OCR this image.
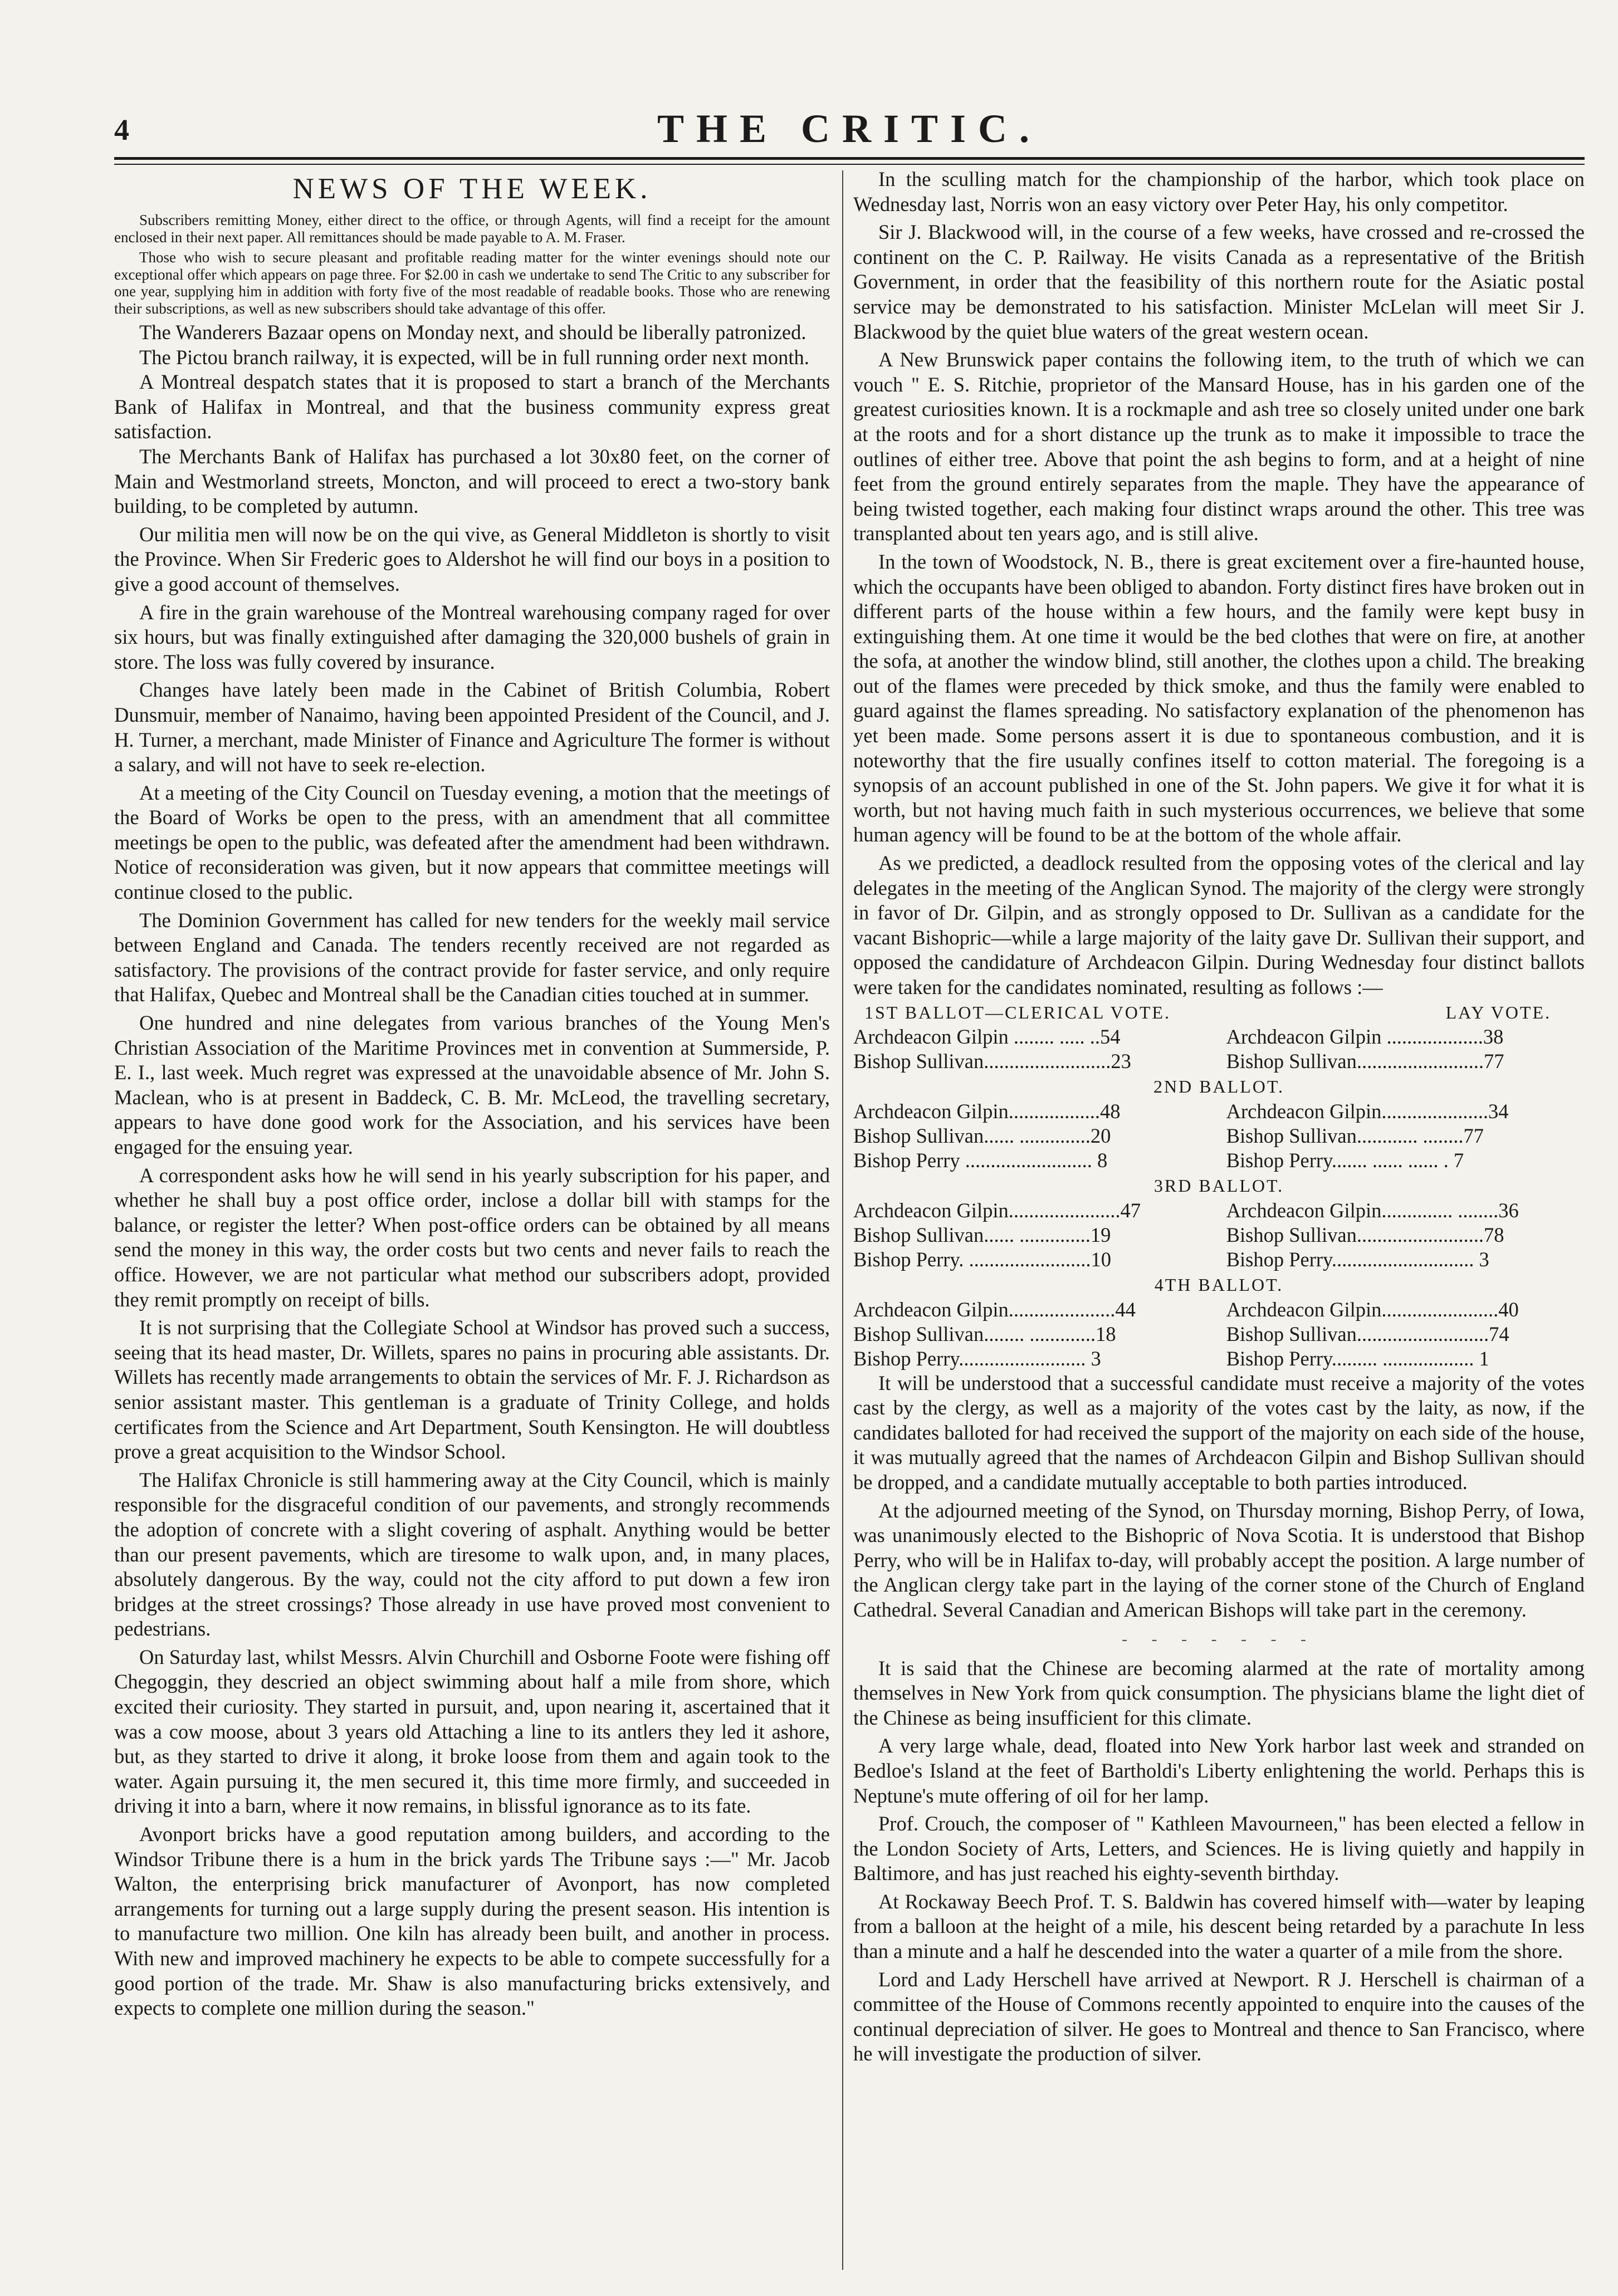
4	THE CRITIC.
NEWS OF THE WEEK.

Subscribers remitting Money, either direct to the office, or through Agents, will find a receipt for the amount enclosed in their next paper. All remittances should be made payable to A. M. Fraser.

Those who wish to secure pleasant and profitable reading matter for the winter evenings should note our exceptional offer which appears on page three. For $2.00 in cash we undertake to send The Critic to any subscriber for one year, supplying him in addition with forty five of the most readable of readable books. Those who are renewing their subscriptions, as well as new subscribers should take advantage of this offer.

The Wanderers Bazaar opens on Monday next, and should be liberally patronized.

The Pictou branch railway, it is expected, will be in full running order next month.

A Montreal despatch states that it is proposed to start a branch of the Merchants Bank of Halifax in Montreal, and that the business community express great satisfaction.

The Merchants Bank of Halifax has purchased a lot 30x80 feet, on the corner of Main and Westmorland streets, Moncton, and will proceed to erect a two-story bank building, to be completed by autumn.

Our militia men will now be on the qui vive, as General Middleton is shortly to visit the Province. When Sir Frederic goes to Aldershot he will find our boys in a position to give a good account of themselves.

A fire in the grain warehouse of the Montreal warehousing company raged for over six hours, but was finally extinguished after damaging the 320,000 bushels of grain in store. The loss was fully covered by insurance.

Changes have lately been made in the Cabinet of British Columbia, Robert Dunsmuir, member of Nanaimo, having been appointed President of the Council, and J. H. Turner, a merchant, made Minister of Finance and Agriculture The former is without a salary, and will not have to seek re-election.

At a meeting of the City Council on Tuesday evening, a motion that the meetings of the Board of Works be open to the press, with an amendment that all committee meetings be open to the public, was defeated after the amendment had been withdrawn. Notice of reconsideration was given, but it now appears that committee meetings will continue closed to the public.

The Dominion Government has called for new tenders for the weekly mail service between England and Canada. The tenders recently received are not regarded as satisfactory. The provisions of the contract provide for faster service, and only require that Halifax, Quebec and Montreal shall be the Canadian cities touched at in summer.

One hundred and nine delegates from various branches of the Young Men's Christian Association of the Maritime Provinces met in convention at Summerside, P. E. I., last week. Much regret was expressed at the unavoidable absence of Mr. John S. Maclean, who is at present in Baddeck, C. B. Mr. McLeod, the travelling secretary, appears to have done good work for the Association, and his services have been engaged for the ensuing year.

A correspondent asks how he will send in his yearly subscription for his paper, and whether he shall buy a post office order, inclose a dollar bill with stamps for the balance, or register the letter? When post-office orders can be obtained by all means send the money in this way, the order costs but two cents and never fails to reach the office. However, we are not particular what method our subscribers adopt, provided they remit promptly on receipt of bills.

It is not surprising that the Collegiate School at Windsor has proved such a success, seeing that its head master, Dr. Willets, spares no pains in procuring able assistants. Dr. Willets has recently made arrangements to obtain the services of Mr. F. J. Richardson as senior assistant master. This gentleman is a graduate of Trinity College, and holds certificates from the Science and Art Department, South Kensington. He will doubtless prove a great acquisition to the Windsor School.

The Halifax Chronicle is still hammering away at the City Council, which is mainly responsible for the disgraceful condition of our pavements, and strongly recommends the adoption of concrete with a slight covering of asphalt. Anything would be better than our present pavements, which are tiresome to walk upon, and, in many places, absolutely dangerous. By the way, could not the city afford to put down a few iron bridges at the street crossings? Those already in use have proved most convenient to pedestrians.

On Saturday last, whilst Messrs. Alvin Churchill and Osborne Foote were fishing off Chegoggin, they descried an object swimming about half a mile from shore, which excited their curiosity. They started in pursuit, and, upon nearing it, ascertained that it was a cow moose, about 3 years old Attaching a line to its antlers they led it ashore, but, as they started to drive it along, it broke loose from them and again took to the water. Again pursuing it, the men secured it, this time more firmly, and succeeded in driving it into a barn, where it now remains, in blissful ignorance as to its fate.

Avonport bricks have a good reputation among builders, and according to the Windsor Tribune there is a hum in the brick yards The Tribune says :—" Mr. Jacob Walton, the enterprising brick manufacturer of Avonport, has now completed arrangements for turning out a large supply during the present season. His intention is to manufacture two million. One kiln has already been built, and another in process. With new and improved machinery he expects to be able to compete successfully for a good portion of the trade. Mr. Shaw is also manufacturing bricks extensively, and expects to complete one million during the season."

In the sculling match for the championship of the harbor, which took place on Wednesday last, Norris won an easy victory over Peter Hay, his only competitor.

Sir J. Blackwood will, in the course of a few weeks, have crossed and re-crossed the continent on the C. P. Railway. He visits Canada as a representative of the British Government, in order that the feasibility of this northern route for the Asiatic postal service may be demonstrated to his satisfaction. Minister McLelan will meet Sir J. Blackwood by the quiet blue waters of the great western ocean.

A New Brunswick paper contains the following item, to the truth of which we can vouch " E. S. Ritchie, proprietor of the Mansard House, has in his garden one of the greatest curiosities known. It is a rockmaple and ash tree so closely united under one bark at the roots and for a short distance up the trunk as to make it impossible to trace the outlines of either tree. Above that point the ash begins to form, and at a height of nine feet from the ground entirely separates from the maple. They have the appearance of being twisted together, each making four distinct wraps around the other. This tree was transplanted about ten years ago, and is still alive.

In the town of Woodstock, N. B., there is great excitement over a fire-haunted house, which the occupants have been obliged to abandon. Forty distinct fires have broken out in different parts of the house within a few hours, and the family were kept busy in extinguishing them. At one time it would be the bed clothes that were on fire, at another the sofa, at another the window blind, still another, the clothes upon a child. The breaking out of the flames were preceded by thick smoke, and thus the family were enabled to guard against the flames spreading. No satisfactory explanation of the phenomenon has yet been made. Some persons assert it is due to spontaneous combustion, and it is noteworthy that the fire usually confines itself to cotton material. The foregoing is a synopsis of an account published in one of the St. John papers. We give it for what it is worth, but not having much faith in such mysterious occurrences, we believe that some human agency will be found to be at the bottom of the whole affair.

As we predicted, a deadlock resulted from the opposing votes of the clerical and lay delegates in the meeting of the Anglican Synod. The majority of the clergy were strongly in favor of Dr. Gilpin, and as strongly opposed to Dr. Sullivan as a candidate for the vacant Bishopric—while a large majority of the laity gave Dr. Sullivan their support, and opposed the candidature of Archdeacon Gilpin. During Wednesday four distinct ballots were taken for the candidates nominated, resulting as follows :—

1ST BALLOT—CLERICAL VOTE.	LAY VOTE.
Archdeacon Gilpin ........ ..... ..54	Archdeacon Gilpin ...................38
Bishop Sullivan.........................23	Bishop Sullivan.........................77
2ND BALLOT.
Archdeacon Gilpin..................48	Archdeacon Gilpin.....................34
Bishop Sullivan...... ..............20	Bishop Sullivan............ ........77
Bishop Perry ......................... 8	Bishop Perry....... ...... ...... . 7
3RD BALLOT.
Archdeacon Gilpin......................47	Archdeacon Gilpin.............. ........36
Bishop Sullivan...... ..............19	Bishop Sullivan.........................78
Bishop Perry. ........................10	Bishop Perry............................ 3
4TH BALLOT.
Archdeacon Gilpin.....................44	Archdeacon Gilpin.......................40
Bishop Sullivan........ .............18	Bishop Sullivan..........................74
Bishop Perry......................... 3	Bishop Perry......... .................. 1

It will be understood that a successful candidate must receive a majority of the votes cast by the clergy, as well as a majority of the votes cast by the laity, as now, if the candidates balloted for had received the support of the majority on each side of the house, it was mutually agreed that the names of Archdeacon Gilpin and Bishop Sullivan should be dropped, and a candidate mutually acceptable to both parties introduced.

At the adjourned meeting of the Synod, on Thursday morning, Bishop Perry, of Iowa, was unanimously elected to the Bishopric of Nova Scotia. It is understood that Bishop Perry, who will be in Halifax to-day, will probably accept the position. A large number of the Anglican clergy take part in the laying of the corner stone of the Church of England Cathedral. Several Canadian and American Bishops will take part in the ceremony.

- - - - - - -

It is said that the Chinese are becoming alarmed at the rate of mortality among themselves in New York from quick consumption. The physicians blame the light diet of the Chinese as being insufficient for this climate.

A very large whale, dead, floated into New York harbor last week and stranded on Bedloe's Island at the feet of Bartholdi's Liberty enlightening the world. Perhaps this is Neptune's mute offering of oil for her lamp.

Prof. Crouch, the composer of " Kathleen Mavourneen," has been elected a fellow in the London Society of Arts, Letters, and Sciences. He is living quietly and happily in Baltimore, and has just reached his eighty-seventh birthday.

At Rockaway Beech Prof. T. S. Baldwin has covered himself with—water by leaping from a balloon at the height of a mile, his descent being retarded by a parachute In less than a minute and a half he descended into the water a quarter of a mile from the shore.

Lord and Lady Herschell have arrived at Newport. R J. Herschell is chairman of a committee of the House of Commons recently appointed to enquire into the causes of the continual depreciation of silver. He goes to Montreal and thence to San Francisco, where he will investigate the production of silver.
